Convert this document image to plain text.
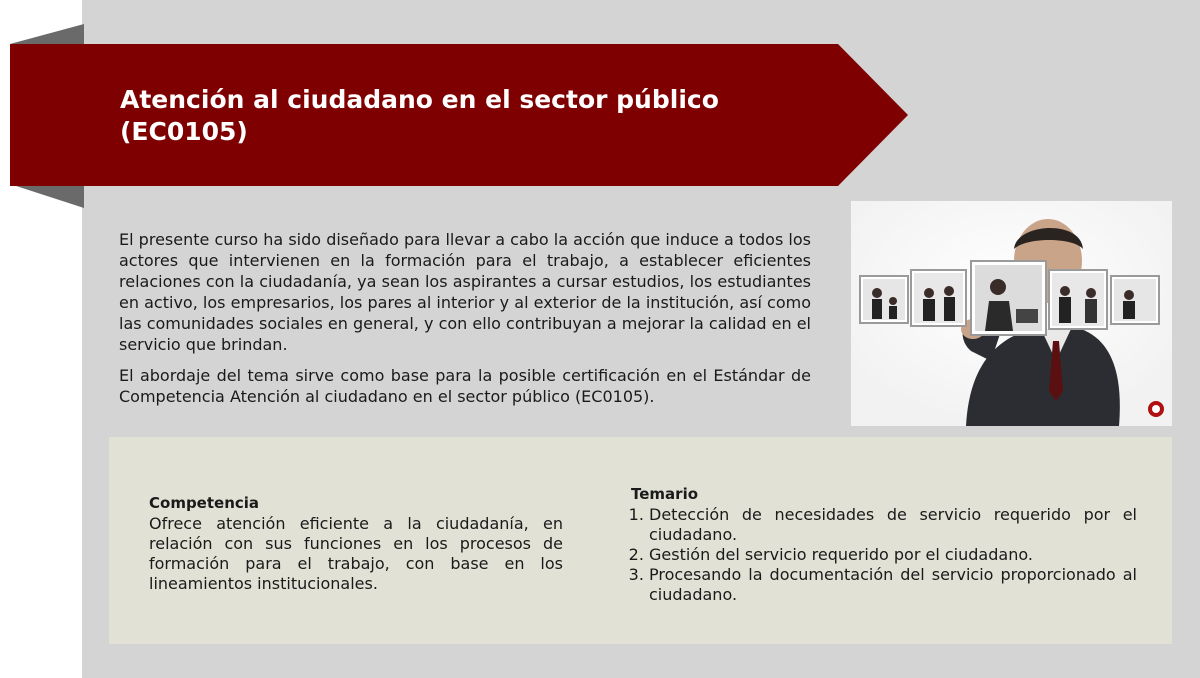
Atención al ciudadano en el sector público (EC0105)

El presente curso ha sido diseñado para llevar a cabo la acción que induce a todos los actores que intervienen en la formación para el trabajo, a establecer eficientes relaciones con la ciudadanía, ya sean los aspirantes a cursar estudios, los estudiantes en activo, los empresarios, los pares al interior y al exterior de la institución, así como las comunidades sociales en general, y con ello contribuyan a mejorar la calidad en el servicio que brindan.

El abordaje del tema sirve como base para la posible certificación en el Estándar de Competencia Atención al ciudadano en el sector público (EC0105).

Competencia

Ofrece atención eficiente a la ciudadanía, en relación con sus funciones en los procesos de formación para el trabajo, con base en los lineamientos institucionales.

Temario
1. Detección de necesidades de servicio requerido por el ciudadano.
2. Gestión del servicio requerido por el ciudadano.
3. Procesando la documentación del servicio proporcionado al ciudadano.
